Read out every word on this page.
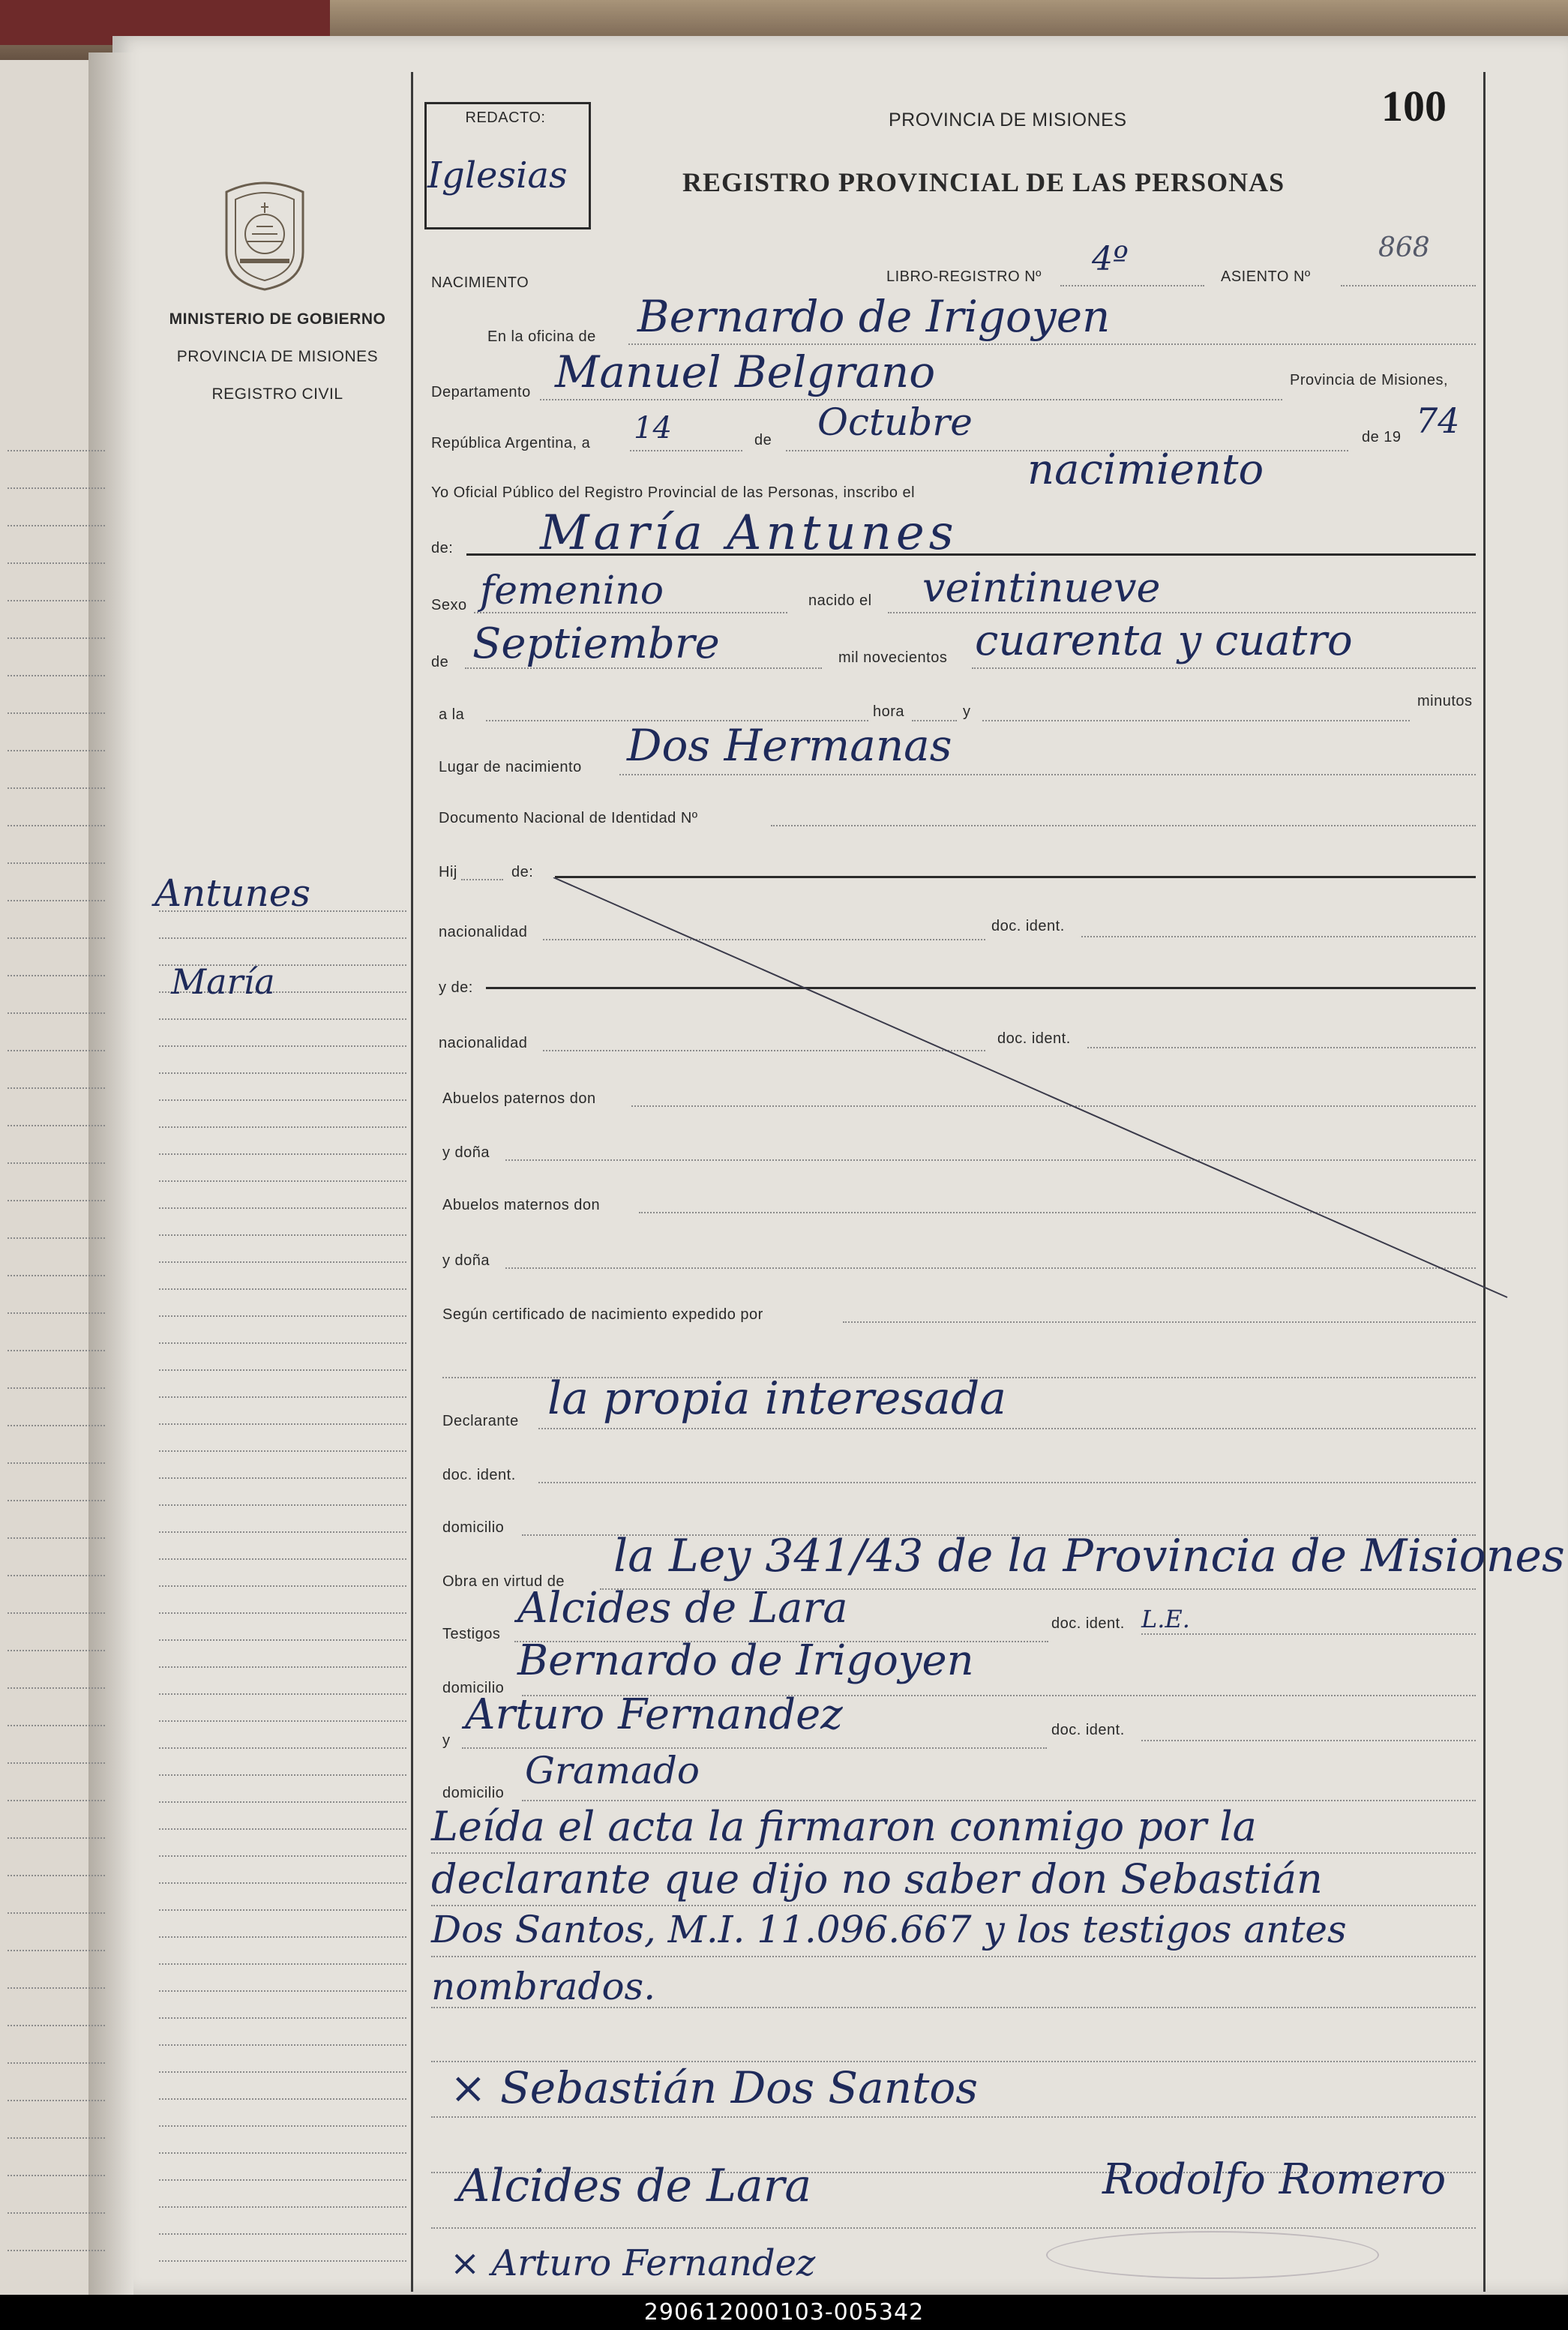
MINISTERIO DE GOBIERNO
PROVINCIA DE MISIONES
REGISTRO CIVIL
Antunes
María
REDACTO:
Iglesias
PROVINCIA DE MISIONES	100
REGISTRO PROVINCIAL DE LAS PERSONAS
NACIMIENTO	LIBRO-REGISTRO Nº 4º	ASIENTO Nº
868
En la oficina de Bernardo de Irigoyen
Departamento Manuel Belgrano	Provincia de Misiones,
República Argentina, a 14	de Octubre	de 19 74
Yo Oficial Público del Registro Provincial de las Personas, inscribo el	nacimiento
de: María Antunes
Sexo femenino	nacido el veintinueve
de Septiembre	mil novecientos cuarenta y cuatro
a la	hora	y
minutos
Lugar de nacimiento Dos Hermanas
Documento Nacional de Identidad Nº
Hij	de:
nacionalidad	doc. ident.
y de:
nacionalidad	doc. ident.
Abuelos paternos don
y doña
Abuelos maternos don
y doña
Según certificado de nacimiento expedido por
Declarante la propia interesada
doc. ident.
domicilio
Obra en virtud de la Ley 341/43 de la Provincia de Misiones
Testigos
Alcides de Lara	doc. ident. L.E.
domicilio
Bernardo de Irigoyen
y
Arturo Fernandez	doc. ident.
domicilio
Gramado
Leída el acta la firmaron conmigo por la
declarante que dijo no saber don Sebastián
Dos Santos, M.I. 11.096.667 y los testigos antes
nombrados.
× Sebastián Dos Santos
Alcides de Lara
× Arturo Fernandez
Rodolfo Romero
290612000103-005342
